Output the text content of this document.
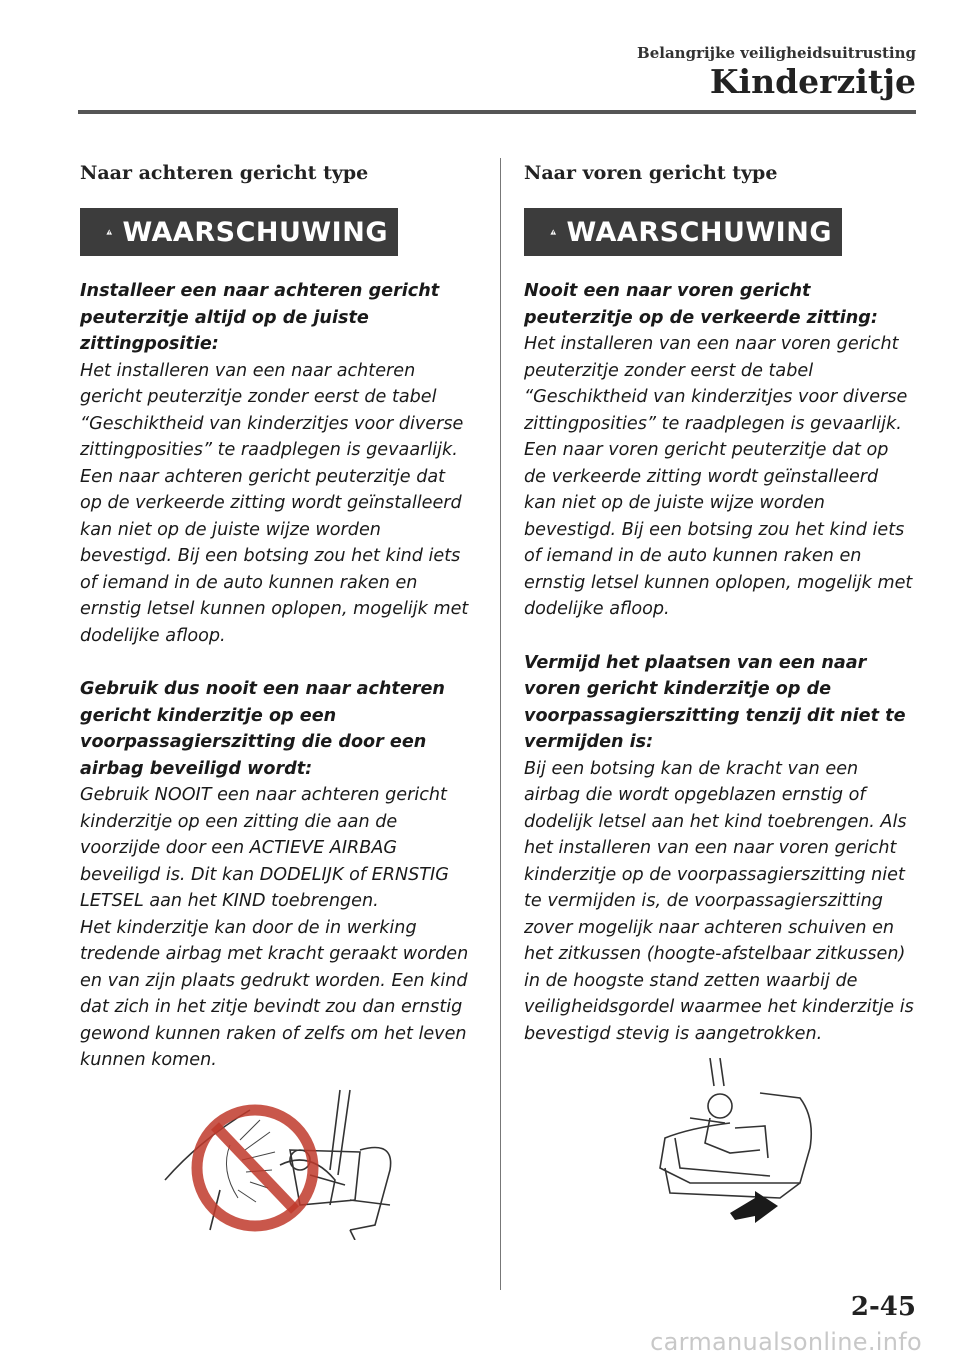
Belangrijke veiligheidsuitrusting
Kinderzitje
Naar achteren gericht type
WAARSCHUWING
Installeer een naar achteren gericht peuterzitje altijd op de juiste zittingpositie:
Het installeren van een naar achteren gericht peuterzitje zonder eerst de tabel “Geschiktheid van kinderzitjes voor diverse zittingposities” te raadplegen is gevaarlijk. Een naar achteren gericht peuterzitje dat op de verkeerde zitting wordt geïnstalleerd kan niet op de juiste wijze worden bevestigd. Bij een botsing zou het kind iets of iemand in de auto kunnen raken en ernstig letsel kunnen oplopen, mogelijk met dodelijke afloop.
Gebruik dus nooit een naar achteren gericht kinderzitje op een voorpassagierszitting die door een airbag beveiligd wordt:
Gebruik NOOIT een naar achteren gericht kinderzitje op een zitting die aan de voorzijde door een ACTIEVE AIRBAG beveiligd is. Dit kan DODELIJK of ERNSTIG LETSEL aan het KIND toebrengen.
Het kinderzitje kan door de in werking tredende airbag met kracht geraakt worden en van zijn plaats gedrukt worden. Een kind dat zich in het zitje bevindt zou dan ernstig gewond kunnen raken of zelfs om het leven kunnen komen.
Naar voren gericht type
WAARSCHUWING
Nooit een naar voren gericht peuterzitje op de verkeerde zitting:
Het installeren van een naar voren gericht peuterzitje zonder eerst de tabel “Geschiktheid van kinderzitjes voor diverse zittingposities” te raadplegen is gevaarlijk. Een naar voren gericht peuterzitje dat op de verkeerde zitting wordt geïnstalleerd kan niet op de juiste wijze worden bevestigd. Bij een botsing zou het kind iets of iemand in de auto kunnen raken en ernstig letsel kunnen oplopen, mogelijk met dodelijke afloop.
Vermijd het plaatsen van een naar voren gericht kinderzitje op de voorpassagierszitting tenzij dit niet te vermijden is:
Bij een botsing kan de kracht van een airbag die wordt opgeblazen ernstig of dodelijk letsel aan het kind toebrengen. Als het installeren van een naar voren gericht kinderzitje op de voorpassagierszitting niet te vermijden is, de voorpassagierszitting zover mogelijk naar achteren schuiven en het zitkussen (hoogte-afstelbaar zitkussen) in de hoogste stand zetten waarbij de veiligheidsgordel waarmee het kinderzitje is bevestigd stevig is aangetrokken.
2-45
carmanualsonline.info
